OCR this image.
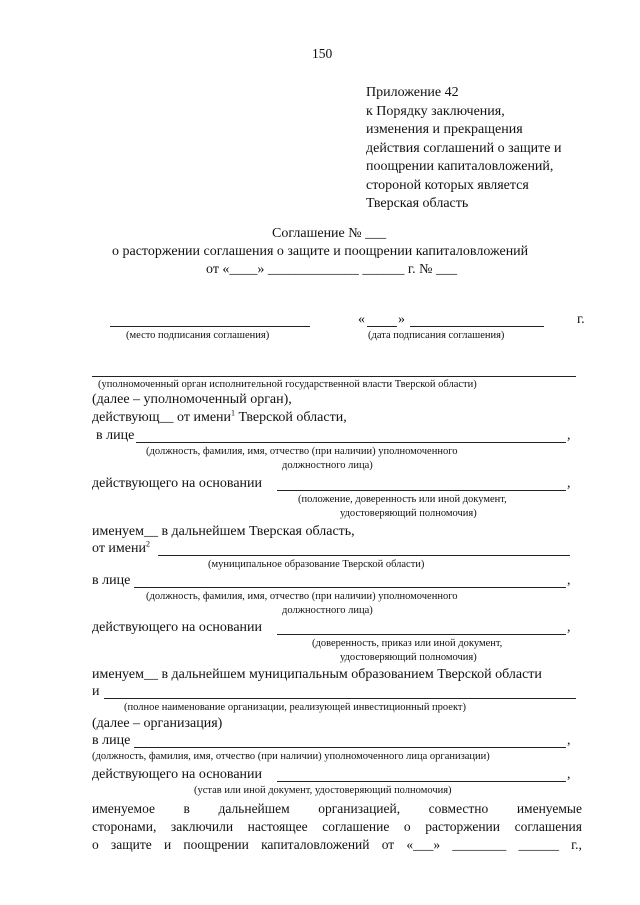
150
Приложение 42
к Порядку заключения,
изменения и прекращения
действия соглашений о защите и
поощрении капиталовложений,
стороной которых является
Тверская область
Соглашение № ___
о расторжении соглашения о защите и поощрении капиталовложений
от «____» _____________ ______ г. № ___
« »	г.
(место подписания соглашения)	(дата подписания соглашения)
(уполномоченный орган исполнительной государственной власти Тверской области)
(далее – уполномоченный орган),
действующ__ от имени$^1$ Тверской области,
в лице	,
(должность, фамилия, имя, отчество (при наличии) уполномоченного
должностного лица)
действующего на основании	,
(положение, доверенность или иной документ,
удостоверяющий полномочия)
именуем__ в дальнейшем Тверская область,
от имени$^2$
(муниципальное образование Тверской области)
в лице	,
(должность, фамилия, имя, отчество (при наличии) уполномоченного
должностного лица)
действующего на основании	,
(доверенность, приказ или иной документ,
удостоверяющий полномочия)
именуем__ в дальнейшем муниципальным образованием Тверской области
и
(полное наименование организации, реализующей инвестиционный проект)
(далее – организация)
в лице	,
(должность, фамилия, имя, отчество (при наличии) уполномоченного лица организации)
действующего на основании	,
(устав или иной документ, удостоверяющий полномочия)
именуемое в дальнейшем организацией, совместно именуемые
сторонами, заключили настоящее соглашение о расторжении соглашения
о защите и поощрении капиталовложений от «___» ________ ______ г.,
